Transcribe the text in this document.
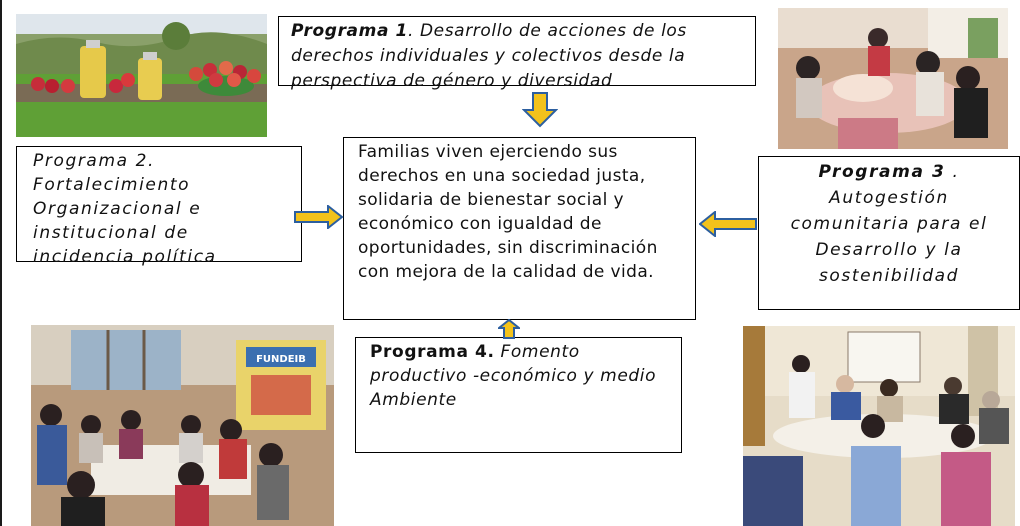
FUNDEIB
Programa 1. Desarrollo de acciones de los derechos individuales y colectivos desde la perspectiva de género y diversidad
Programa 2. Fortalecimiento Organizacional e institucional de incidencia política
Familias viven ejerciendo sus derechos en una sociedad justa, solidaria de bienestar social y económico con igualdad de oportunidades, sin discriminación con mejora de la calidad de vida.
Programa 3 .
Autogestión comunitaria para el Desarrollo y la sostenibilidad
Programa 4. Fomento productivo -económico y medio Ambiente
